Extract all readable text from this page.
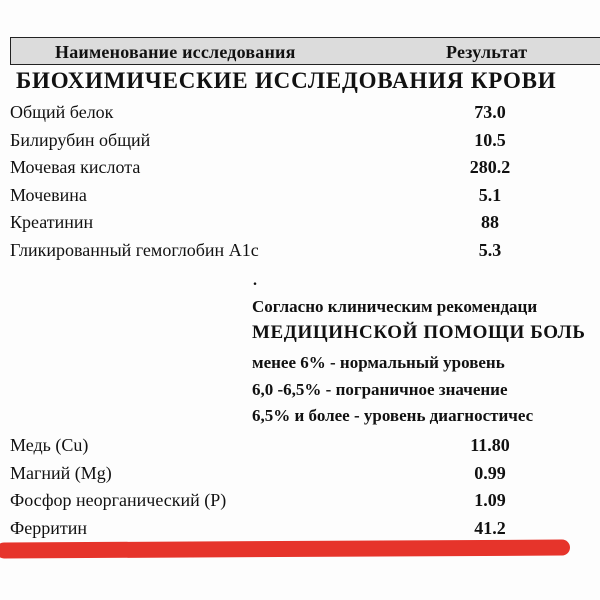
Наименование исследования	Результат
БИОХИМИЧЕСКИЕ ИССЛЕДОВАНИЯ КРОВИ
Общий белок	73.0
Билирубин общий	10.5
Мочевая кислота	280.2
Мочевина	5.1
Креатинин	88
Гликированный гемоглобин A1c	5.3
.
Согласно клиническим рекомендаци
МЕДИЦИНСКОЙ ПОМОЩИ БОЛЬ
менее 6% - нормальный уровень
6,0 -6,5% - пограничное значение
6,5% и более - уровень диагностичес
Медь (Cu)	11.80
Магний (Mg)	0.99
Фосфор неорганический (P)	1.09
Ферритин	41.2
